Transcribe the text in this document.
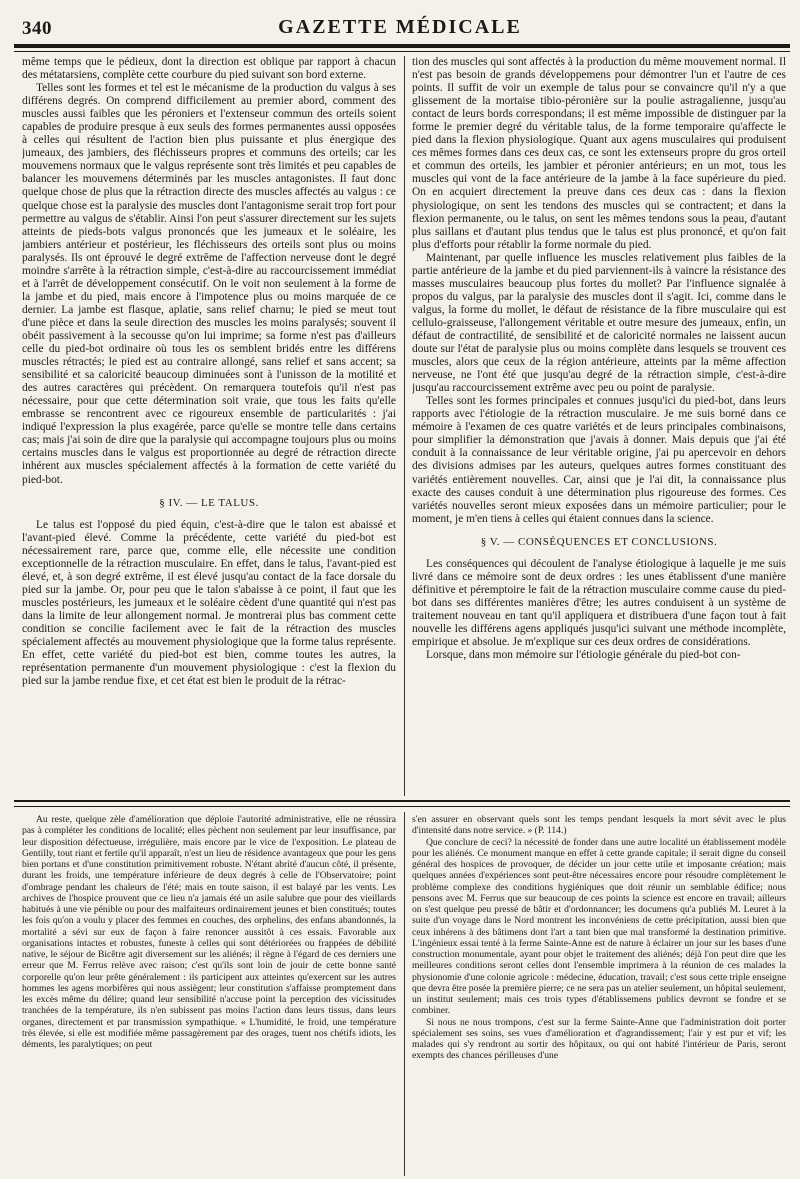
340	GAZETTE MÉDICALE

même temps que le pédieux, dont la direction est oblique par rapport à chacun des métatarsiens, complète cette courbure du pied suivant son bord externe.

Telles sont les formes et tel est le mécanisme de la production du valgus à ses différens degrés. On comprend difficilement au premier abord, comment des muscles aussi faibles que les péroniers et l'extenseur commun des orteils soient capables de produire presque à eux seuls des formes permanentes aussi opposées à celles qui résultent de l'action bien plus puissante et plus énergique des jumeaux, des jambiers, des fléchisseurs propres et communs des orteils; car les mouvemens normaux que le valgus représente sont très limités et peu capables de balancer les mouvemens déterminés par les muscles antagonistes. Il faut donc quelque chose de plus que la rétraction directe des muscles affectés au valgus : ce quelque chose est la paralysie des muscles dont l'antagonisme serait trop fort pour permettre au valgus de s'établir. Ainsi l'on peut s'assurer directement sur les sujets atteints de pieds-bots valgus prononcés que les jumeaux et le soléaire, les jambiers antérieur et postérieur, les fléchisseurs des orteils sont plus ou moins paralysés. Ils ont éprouvé le degré extrême de l'affection nerveuse dont le degré moindre s'arrête à la rétraction simple, c'est-à-dire au raccourcissement immédiat et à l'arrêt de développement consécutif. On le voit non seulement à la forme de la jambe et du pied, mais encore à l'impotence plus ou moins marquée de ce dernier. La jambe est flasque, aplatie, sans relief charnu; le pied se meut tout d'une pièce et dans la seule direction des muscles les moins paralysés; souvent il obéit passivement à la secousse qu'on lui imprime; sa forme n'est pas d'ailleurs celle du pied-bot ordinaire où tous les os semblent bridés entre les différens muscles rétractés; le pied est au contraire allongé, sans relief et sans accent; sa sensibilité et sa caloricité beaucoup diminuées sont à l'unisson de la motilité et des autres caractères qui précèdent. On remarquera toutefois qu'il n'est pas nécessaire, pour que cette détermination soit vraie, que tous les faits qu'elle embrasse se rencontrent avec ce rigoureux ensemble de particularités : j'ai indiqué l'expression la plus exagérée, parce qu'elle se montre telle dans certains cas; mais j'ai soin de dire que la paralysie qui accompagne toujours plus ou moins certains muscles dans le valgus est proportionnée au degré de rétraction directe inhérent aux muscles spécialement affectés à la formation de cette variété du pied-bot.

§ IV. — LE TALUS.

Le talus est l'opposé du pied équin, c'est-à-dire que le talon est abaissé et l'avant-pied élevé. Comme la précédente, cette variété du pied-bot est nécessairement rare, parce que, comme elle, elle nécessite une condition exceptionnelle de la rétraction musculaire. En effet, dans le talus, l'avant-pied est élevé, et, à son degré extrême, il est élevé jusqu'au contact de la face dorsale du pied sur la jambe. Or, pour peu que le talon s'abaisse à ce point, il faut que les muscles postérieurs, les jumeaux et le soléaire cèdent d'une quantité qui n'est pas dans la limite de leur allongement normal. Je montrerai plus bas comment cette condition se concilie facilement avec le fait de la rétraction des muscles spécialement affectés au mouvement physiologique que la forme talus représente. En effet, cette variété du pied-bot est bien, comme toutes les autres, la représentation permanente d'un mouvement physiologique : c'est la flexion du pied sur la jambe rendue fixe, et cet état est bien le produit de la rétrac-

tion des muscles qui sont affectés à la production du même mouvement normal. Il n'est pas besoin de grands développemens pour démontrer l'un et l'autre de ces points. Il suffit de voir un exemple de talus pour se convaincre qu'il n'y a que glissement de la mortaise tibio-péronière sur la poulie astragalienne, jusqu'au contact de leurs bords correspondans; il est même impossible de distinguer par la forme le premier degré du véritable talus, de la forme temporaire qu'affecte le pied dans la flexion physiologique. Quant aux agens musculaires qui produisent ces mêmes formes dans ces deux cas, ce sont les extenseurs propre du gros orteil et commun des orteils, les jambier et péronier antérieurs; en un mot, tous les muscles qui vont de la face antérieure de la jambe à la face supérieure du pied. On en acquiert directement la preuve dans ces deux cas : dans la flexion physiologique, on sent les tendons des muscles qui se contractent; et dans la flexion permanente, ou le talus, on sent les mêmes tendons sous la peau, d'autant plus saillans et d'autant plus tendus que le talus est plus prononcé, et qu'on fait plus d'efforts pour rétablir la forme normale du pied.

Maintenant, par quelle influence les muscles relativement plus faibles de la partie antérieure de la jambe et du pied parviennent-ils à vaincre la résistance des masses musculaires beaucoup plus fortes du mollet? Par l'influence signalée à propos du valgus, par la paralysie des muscles dont il s'agit. Ici, comme dans le valgus, la forme du mollet, le défaut de résistance de la fibre musculaire qui est cellulo-graisseuse, l'allongement véritable et outre mesure des jumeaux, enfin, un défaut de contractilité, de sensibilité et de caloricité normales ne laissent aucun doute sur l'état de paralysie plus ou moins complète dans lesquels se trouvent ces muscles, alors que ceux de la région antérieure, atteints par la même affection nerveuse, ne l'ont été que jusqu'au degré de la rétraction simple, c'est-à-dire jusqu'au raccourcissement extrême avec peu ou point de paralysie.

Telles sont les formes principales et connues jusqu'ici du pied-bot, dans leurs rapports avec l'étiologie de la rétraction musculaire. Je me suis borné dans ce mémoire à l'examen de ces quatre variétés et de leurs principales combinaisons, pour simplifier la démonstration que j'avais à donner. Mais depuis que j'ai été conduit à la connaissance de leur véritable origine, j'ai pu apercevoir en dehors des divisions admises par les auteurs, quelques autres formes constituant des variétés entièrement nouvelles. Car, ainsi que je l'ai dit, la connaissance plus exacte des causes conduit à une détermination plus rigoureuse des formes. Ces variétés nouvelles seront mieux exposées dans un mémoire particulier; pour le moment, je m'en tiens à celles qui étaient connues dans la science.

§ V. — CONSÉQUENCES ET CONCLUSIONS.

Les conséquences qui découlent de l'analyse étiologique à laquelle je me suis livré dans ce mémoire sont de deux ordres : les unes établissent d'une manière définitive et péremptoire le fait de la rétraction musculaire comme cause du pied-bot dans ses différentes manières d'être; les autres conduisent à un système de traitement nouveau en tant qu'il appliquera et distribuera d'une façon tout à fait nouvelle les différens agens appliqués jusqu'ici suivant une méthode incomplète, empirique et absolue. Je m'explique sur ces deux ordres de considérations.

Lorsque, dans mon mémoire sur l'étiologie générale du pied-bot con-

Au reste, quelque zèle d'amélioration que déploie l'autorité administrative, elle ne réussira pas à compléter les conditions de localité; elles pèchent non seulement par leur insuffisance, par leur disposition défectueuse, irrégulière, mais encore par le vice de l'exposition. Le plateau de Gentilly, tout riant et fertile qu'il apparaît, n'est un lieu de résidence avantageux que pour les gens bien portans et d'une constitution primitivement robuste. N'étant abrité d'aucun côté, il présente, durant les froids, une température inférieure de deux degrés à celle de l'Observatoire; point d'ombrage pendant les chaleurs de l'été; mais en toute saison, il est balayé par les vents. Les archives de l'hospice prouvent que ce lieu n'a jamais été un asile salubre que pour des vieillards habitués à une vie pénible ou pour des malfaiteurs ordinairement jeunes et bien constitués; toutes les fois qu'on a voulu y placer des femmes en couches, des orphelins, des enfans abandonnés, la mortalité a sévi sur eux de façon à faire renoncer aussitôt à ces essais. Favorable aux organisations intactes et robustes, funeste à celles qui sont détériorées ou frappées de débilité native, le séjour de Bicêtre agit diversement sur les aliénés; il règne à l'égard de ces derniers une erreur que M. Ferrus relève avec raison; c'est qu'ils sont loin de jouir de cette bonne santé corporelle qu'on leur prête généralement : ils participent aux atteintes qu'exercent sur les autres hommes les agens morbifères qui nous assiègent; leur constitution s'affaisse promptement dans les excès même du délire; quand leur sensibilité n'accuse point la perception des vicissitudes tranchées de la température, ils n'en subissent pas moins l'action dans leurs tissus, dans leurs organes, directement et par transmission sympathique. « L'humidité, le froid, une température très élevée, si elle est modifiée même passagèrement par des orages, tuent nos chétifs idiots, les déments, les paralytiques; on peut

s'en assurer en observant quels sont les temps pendant lesquels la mort sévit avec le plus d'intensité dans notre service. » (P. 114.)

Que conclure de ceci? la nécessité de fonder dans une autre localité un établissement modèle pour les aliénés. Ce monument manque en effet à cette grande capitale; il serait digne du conseil général des hospices de provoquer, de décider un jour cette utile et imposante création; mais quelques années d'expériences sont peut-être nécessaires encore pour résoudre complètement le problème complexe des conditions hygiéniques que doit réunir un semblable édifice; nous pensons avec M. Ferrus que sur beaucoup de ces points la science est encore en travail; ailleurs on s'est quelque peu pressé de bâtir et d'ordonnancer; les documens qu'a publiés M. Leuret à la suite d'un voyage dans le Nord montrent les inconvéniens de cette précipitation, aussi bien que ceux inhérens à des bâtimens dont l'art a tant bien que mal transformé la destination primitive. L'ingénieux essai tenté à la ferme Sainte-Anne est de nature à éclairer un jour sur les bases d'une construction monumentale, ayant pour objet le traitement des aliénés; déjà l'on peut dire que les meilleures conditions seront celles dont l'ensemble imprimera à la réunion de ces malades la physionomie d'une colonie agricole : médecine, éducation, travail; c'est sous cette triple enseigne que devra être posée la première pierre; ce ne sera pas un atelier seulement, un hôpital seulement, un institut seulement; mais ces trois types d'établissemens publics devront se fondre et se combiner.

Si nous ne nous trompons, c'est sur la ferme Sainte-Anne que l'administration doit porter spécialement ses soins, ses vues d'amélioration et d'agrandissement; l'air y est pur et vif; les malades qui s'y rendront au sortir des hôpitaux, ou qui ont habité l'intérieur de Paris, seront exempts des chances périlleuses d'une
